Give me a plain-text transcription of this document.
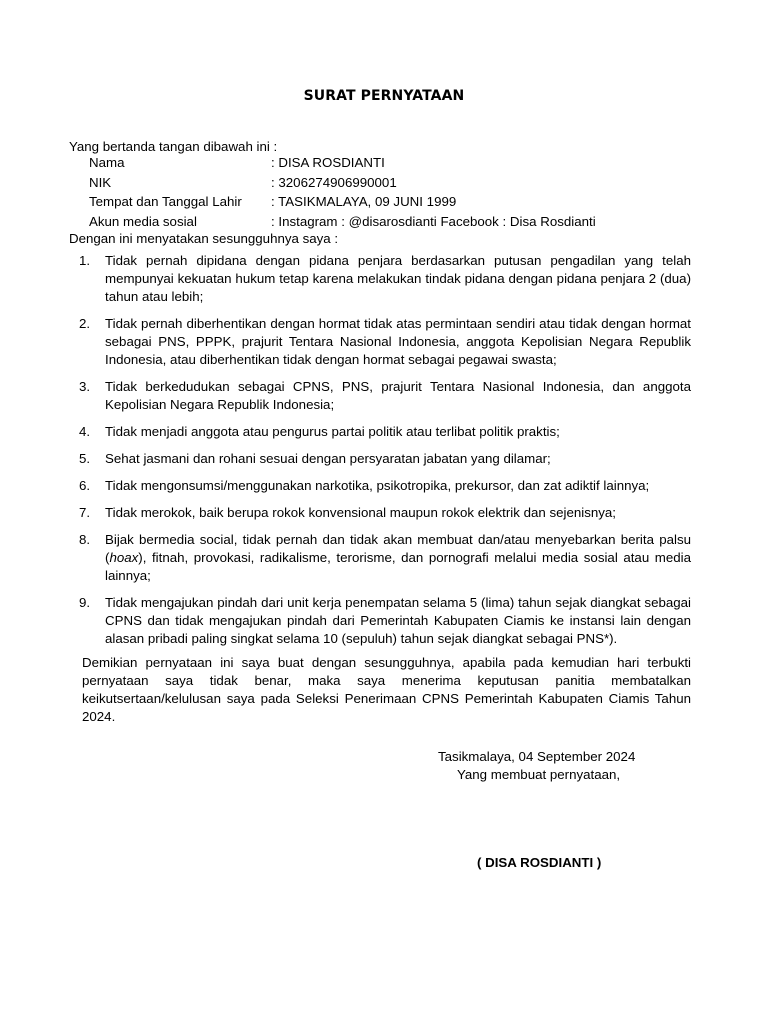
SURAT PERNYATAAN
Yang bertanda tangan dibawah ini :
Nama	: DISA ROSDIANTI
NIK	: 3206274906990001
Tempat dan Tanggal Lahir	: TASIKMALAYA, 09 JUNI 1999
Akun media sosial	: Instagram : @disarosdianti Facebook : Disa Rosdianti
Dengan ini menyatakan sesungguhnya saya :
1.	Tidak pernah dipidana dengan pidana penjara berdasarkan putusan pengadilan yang telah mempunyai kekuatan hukum tetap karena melakukan tindak pidana dengan pidana penjara 2 (dua) tahun atau lebih;
2.	Tidak pernah diberhentikan dengan hormat tidak atas permintaan sendiri atau tidak dengan hormat sebagai PNS, PPPK, prajurit Tentara Nasional Indonesia, anggota Kepolisian Negara Republik Indonesia, atau diberhentikan tidak dengan hormat sebagai pegawai swasta;
3.	Tidak berkedudukan sebagai CPNS, PNS, prajurit Tentara Nasional Indonesia, dan anggota Kepolisian Negara Republik Indonesia;
4.	Tidak menjadi anggota atau pengurus partai politik atau terlibat politik praktis;
5.	Sehat jasmani dan rohani sesuai dengan persyaratan jabatan yang dilamar;
6.	Tidak mengonsumsi/menggunakan narkotika, psikotropika, prekursor, dan zat adiktif lainnya;
7.	Tidak merokok, baik berupa rokok konvensional maupun rokok elektrik dan sejenisnya;
8.	Bijak bermedia social, tidak pernah dan tidak akan membuat dan/atau menyebarkan berita palsu (hoax), fitnah, provokasi, radikalisme, terorisme, dan pornografi melalui media sosial atau media lainnya;
9.	Tidak mengajukan pindah dari unit kerja penempatan selama 5 (lima) tahun sejak diangkat sebagai CPNS dan tidak mengajukan pindah dari Pemerintah Kabupaten Ciamis ke instansi lain dengan alasan pribadi paling singkat selama 10 (sepuluh) tahun sejak diangkat sebagai PNS*).
Demikian pernyataan ini saya buat dengan sesungguhnya, apabila pada kemudian hari terbukti pernyataan saya tidak benar, maka saya menerima keputusan panitia membatalkan keikutsertaan/kelulusan saya pada Seleksi Penerimaan CPNS Pemerintah Kabupaten Ciamis Tahun 2024.
Tasikmalaya, 04 September 2024
Yang membuat pernyataan,
( DISA ROSDIANTI )
